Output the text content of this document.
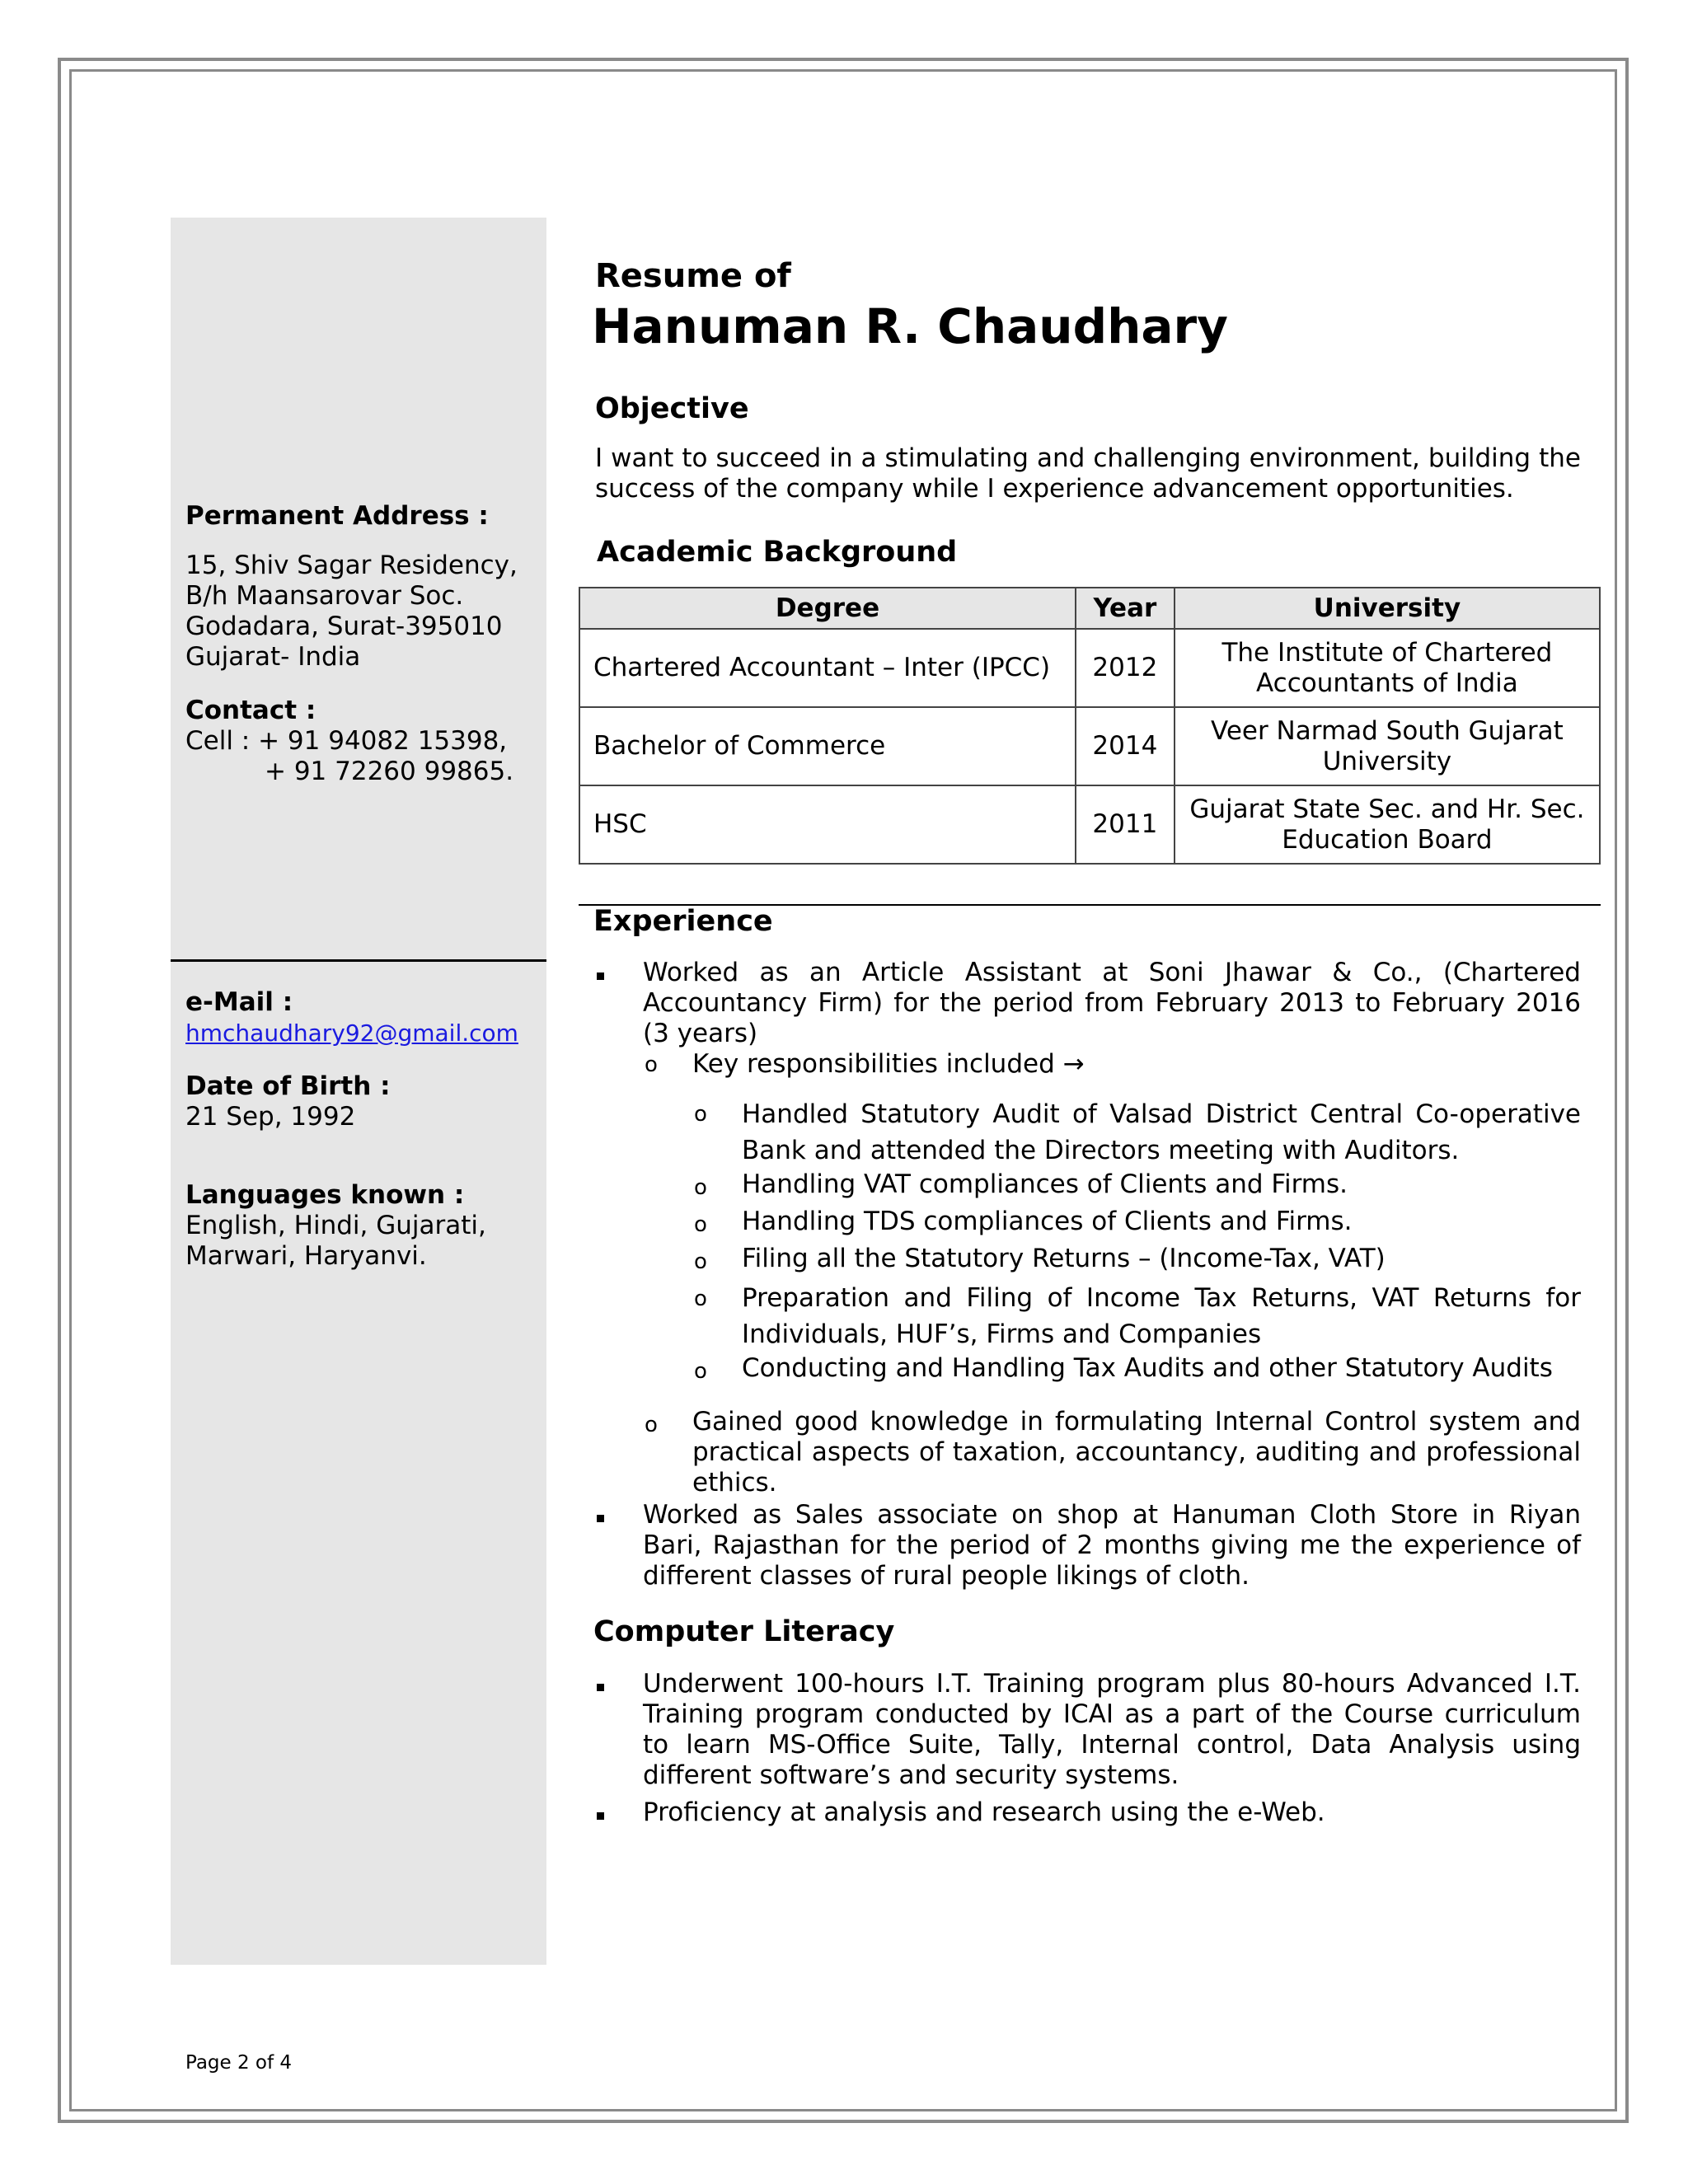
Permanent Address :
15, Shiv Sagar Residency,
B/h Maansarovar Soc.
Godadara, Surat-395010
Gujarat- India
Contact :
Cell : + 91 94082 15398,
+ 91 72260 99865.
e-Mail :
hmchaudhary92@gmail.com
Date of Birth :
21 Sep, 1992
Languages known :
English, Hindi, Gujarati,
Marwari, Haryanvi.
Resume of
Hanuman R. Chaudhary
Objective
I want to succeed in a stimulating and challenging environment, building the success of the company while I experience advancement opportunities.
Academic Background
Degree	Year	University
Chartered Accountant – Inter (IPCC)	2012	The Institute of Chartered Accountants of India
Bachelor of Commerce	2014	Veer Narmad South Gujarat University
HSC	2011	Gujarat State Sec. and Hr. Sec. Education Board
Experience
Worked as an Article Assistant at Soni Jhawar & Co., (Chartered Accountancy Firm) for the period from February 2013 to February 2016 (3 years)
o Key responsibilities included →
o Handled Statutory Audit of Valsad District Central Co-operative Bank and attended the Directors meeting with Auditors.
o Handling VAT compliances of Clients and Firms.
o Handling TDS compliances of Clients and Firms.
o Filing all the Statutory Returns – (Income-Tax, VAT)
o Preparation and Filing of Income Tax Returns, VAT Returns for Individuals, HUF’s, Firms and Companies
o Conducting and Handling Tax Audits and other Statutory Audits
o Gained good knowledge in formulating Internal Control system and practical aspects of taxation, accountancy, auditing and professional ethics.
Worked as Sales associate on shop at Hanuman Cloth Store in Riyan Bari, Rajasthan for the period of 2 months giving me the experience of different classes of rural people likings of cloth.
Computer Literacy
Underwent 100-hours I.T. Training program plus 80-hours Advanced I.T. Training program conducted by ICAI as a part of the Course curriculum to learn MS-Office Suite, Tally, Internal control, Data Analysis using different software’s and security systems.
Proficiency at analysis and research using the e-Web.
Page 2 of 4
